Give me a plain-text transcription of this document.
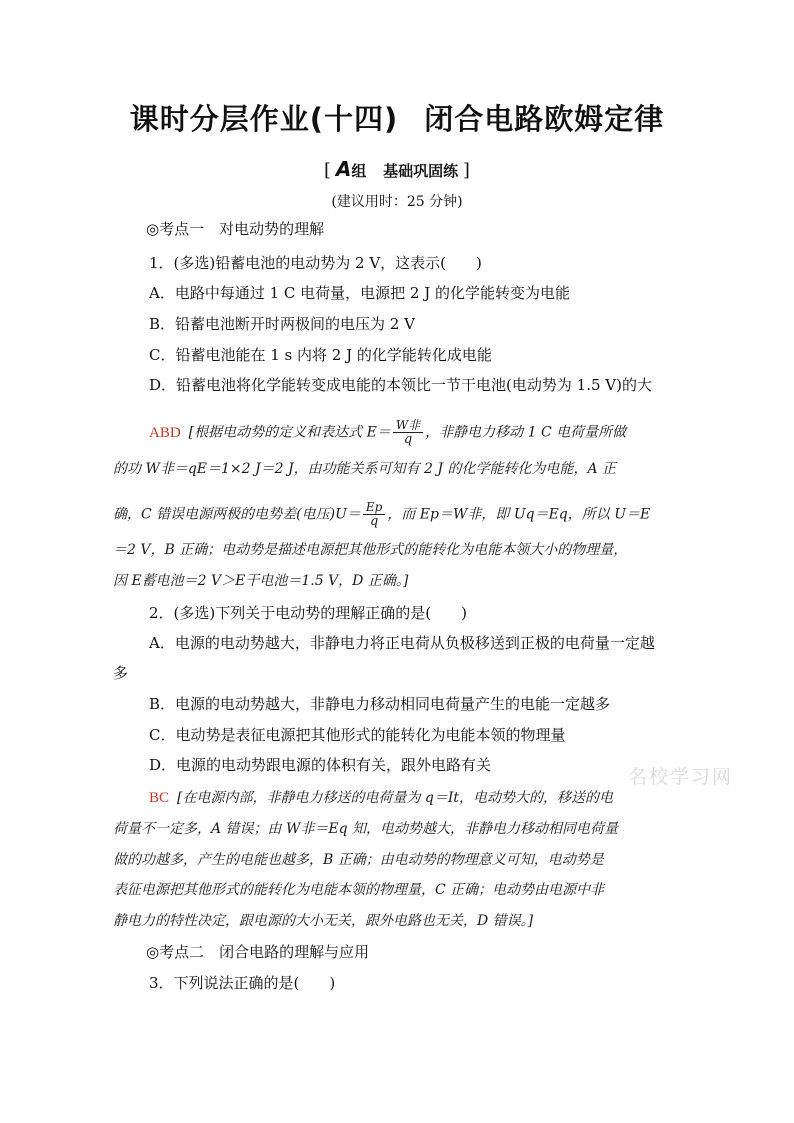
课时分层作业(十四) 闭合电路欧姆定律
[ A组 基础巩固练 ]
(建议用时：25 分钟)
◎考点一　对电动势的理解
1．(多选)铅蓄电池的电动势为 2 V，这表示(　　)
A．电路中每通过 1 C 电荷量，电源把 2 J 的化学能转变为电能
B．铅蓄电池断开时两极间的电压为 2 V
C．铅蓄电池能在 1 s 内将 2 J 的化学能转化成电能
D．铅蓄电池将化学能转变成电能的本领比一节干电池(电动势为 1.5 V)的大
ABD [根据电动势的定义和表达式 $E= \frac{\text{W非}}{q}$ ，非静电力移动 1 C 电荷量所做
的功 W非＝qE＝1×2 J＝2 J，由功能关系可知有 2 J 的化学能转化为电能，A 正
确，C 错误电源两极的电势差(电压)$U= \frac{Ep}{q}$ ，而 Ep＝W非，即 Uq＝Eq，所以 U＝E
＝2 V，B 正确；电动势是描述电源把其他形式的能转化为电能本领大小的物理量，
因 E蓄电池＝2 V＞E干电池＝1.5 V，D 正确。]
2．(多选)下列关于电动势的理解正确的是(　　)
A．电源的电动势越大，非静电力将正电荷从负极移送到正极的电荷量一定越
多
B．电源的电动势越大，非静电力移动相同电荷量产生的电能一定越多
C．电动势是表征电源把其他形式的能转化为电能本领的物理量
D．电源的电动势跟电源的体积有关，跟外电路有关
BC [在电源内部，非静电力移送的电荷量为 q＝It，电动势大的，移送的电
荷量不一定多，A 错误；由 W非＝Eq 知，电动势越大，非静电力移动相同电荷量
做的功越多，产生的电能也越多，B 正确；由电动势的物理意义可知，电动势是
表征电源把其他形式的能转化为电能本领的物理量，C 正确；电动势由电源中非
静电力的特性决定，跟电源的大小无关，跟外电路也无关，D 错误。]
◎考点二　闭合电路的理解与应用
3．下列说法正确的是(　　)
名校学习网
